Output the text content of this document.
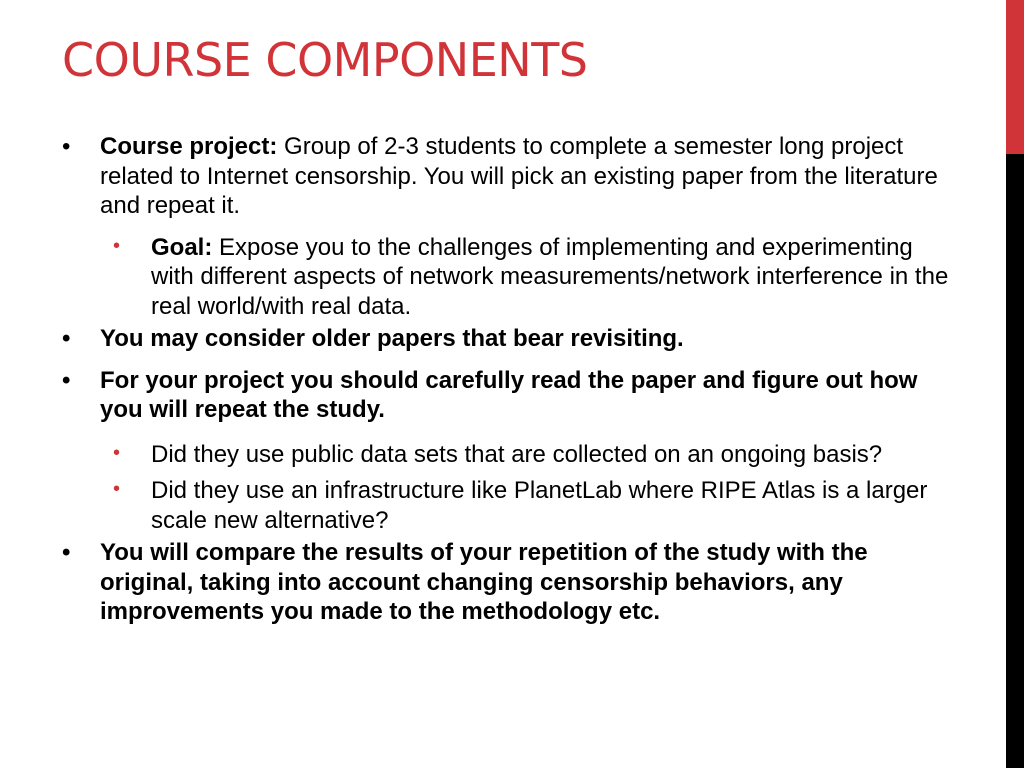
COURSE COMPONENTS
• Course project: Group of 2-3 students to complete a semester long project related to Internet censorship. You will pick an existing paper from the literature and repeat it.
• Goal: Expose you to the challenges of implementing and experimenting with different aspects of network measurements/network interference in the real world/with real data.
• You may consider older papers that bear revisiting.
• For your project you should carefully read the paper and figure out how you will repeat the study.
• Did they use public data sets that are collected on an ongoing basis?
• Did they use an infrastructure like PlanetLab where RIPE Atlas is a larger scale new alternative?
• You will compare the results of your repetition of the study with the original, taking into account changing censorship behaviors, any improvements you made to the methodology etc.
